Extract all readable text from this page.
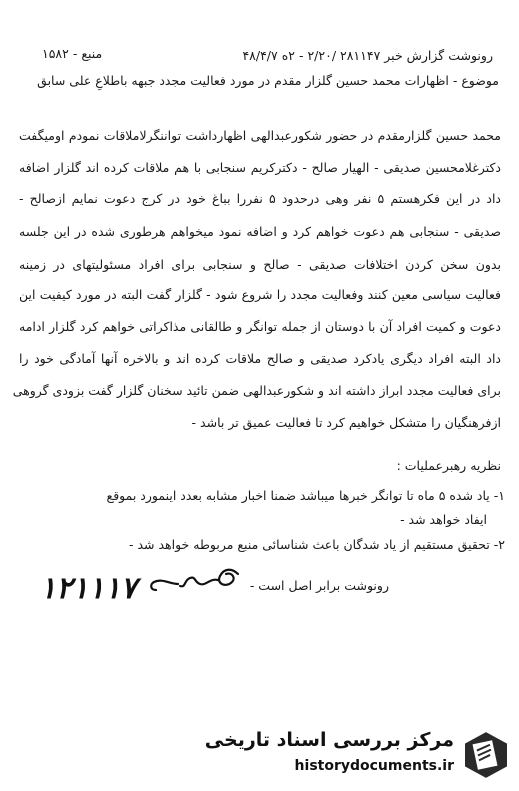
منبع - ۱۵۸۲	رونوشت گزارش خبر ۲۸۱۱۴۷ /۲/۲۰ - ۲ه ۴۸/۴/۷
موضوع - اظهارات محمد حسین گلزار مقدم در مورد فعالیت مجدد جبهه باطلاعِ علی سابق
محمد حسین گلزارمقدم در حضور شکورعبدالهی اظهارداشت تواننگرلاملاقات نمودم اومیگفت
دکترغلامحسین صدیقی - الهیار صالح - دکترکریم سنجابی با هم ملاقات کرده اند گلزار اضافه
داد در این فکرهستم ۵ نفر وهی درحدود ۵ نفررا بباغ خود در کرج دعوت نمایم ازصالح -
صدیقی - سنجابی هم دعوت خواهم کرد و اضافه نمود میخواهم هرطوری شده در این جلسه
بدون سخن کردن اختلافات صدیقی - صالح و سنجابی برای افراد مسئولیتهای در زمینه
فعالیت سیاسی معین کنند وفعالیت مجدد را شروع شود - گلزار گفت البته در مورد کیفیت این
دعوت و کمیت افراد آن با دوستان از جمله توانگر و طالقانی مذاکراتی خواهم کرد گلزار ادامه
داد البته افراد دیگری یادکرد صدیقی و صالح ملاقات کرده اند و بالاخره آنها آمادگی خود را
برای فعالیت مجدد ابراز داشته اند و شکورعبدالهی ضمن تائید سخنان گلزار گفت بزودی گروهی
ازفرهنگیان را متشکل خواهیم کرد تا فعالیت عمیق تر باشد -
نظریه رهبرعملیات :
۱- یاد شده ۵ ماه تا توانگر خبرها میباشد ضمنا اخبار مشابه بعدد اینمورد بموقع
ایفاد خواهد شد -
۲- تحقیق مستقیم از یاد شدگان باعث شناسائی منبع مربوطه خواهد شد -
رونوشت برابر اصل است -
۱۲۱۱۱۷
مرکز بررسی اسناد تاریخی
historydocuments.ir
